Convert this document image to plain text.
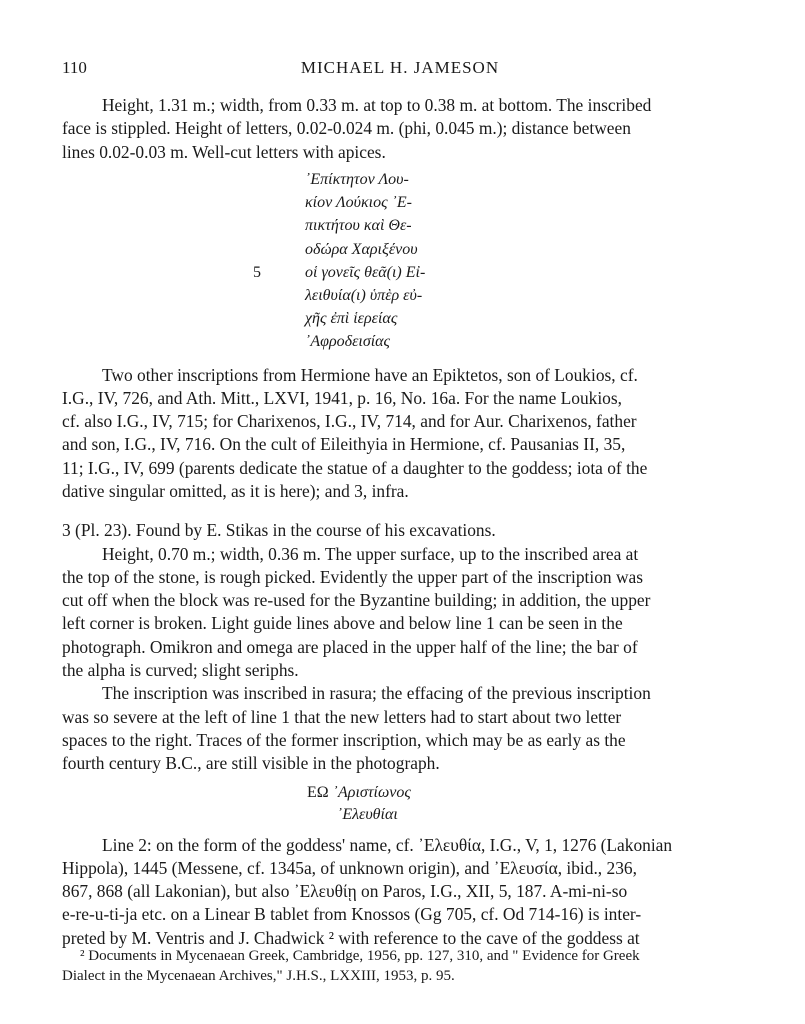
110	MICHAEL H. JAMESON

Height, 1.31 m.; width, from 0.33 m. at top to 0.38 m. at bottom. The inscribed
face is stippled. Height of letters, 0.02-0.024 m. (phi, 0.045 m.); distance between
lines 0.02-0.03 m. Well-cut letters with apices.

᾿Επίκτητον Λου-
κίον Λούκιος ᾿Ε-
πικτήτου καὶ Θε-
οδώρα Χαριξένου
5	οἱ γονεῖς θεᾶ(ι) Εἰ-
λειθυία(ι) ὑπὲρ εὐ-
χῆς ἐπὶ ἱερείας
᾿Αφροδεισίας

Two other inscriptions from Hermione have an Epiktetos, son of Loukios, cf.
I.G., IV, 726, and Ath. Mitt., LXVI, 1941, p. 16, No. 16a. For the name Loukios,
cf. also I.G., IV, 715; for Charixenos, I.G., IV, 714, and for Aur. Charixenos, father
and son, I.G., IV, 716. On the cult of Eileithyia in Hermione, cf. Pausanias II, 35,
11; I.G., IV, 699 (parents dedicate the statue of a daughter to the goddess; iota of the
dative singular omitted, as it is here); and 3, infra.

3 (Pl. 23). Found by E. Stikas in the course of his excavations.

Height, 0.70 m.; width, 0.36 m. The upper surface, up to the inscribed area at
the top of the stone, is rough picked. Evidently the upper part of the inscription was
cut off when the block was re-used for the Byzantine building; in addition, the upper
left corner is broken. Light guide lines above and below line 1 can be seen in the
photograph. Omikron and omega are placed in the upper half of the line; the bar of
the alpha is curved; slight seriphs.

The inscription was inscribed in rasura; the effacing of the previous inscription
was so severe at the left of line 1 that the new letters had to start about two letter
spaces to the right. Traces of the former inscription, which may be as early as the
fourth century B.C., are still visible in the photograph.

ΕΩ ᾿Αριστίωνος
᾿Ελευθίαι

Line 2: on the form of the goddess' name, cf. ᾿Ελευθία, I.G., V, 1, 1276 (Lakonian
Hippola), 1445 (Messene, cf. 1345a, of unknown origin), and ᾿Ελευσία, ibid., 236,
867, 868 (all Lakonian), but also ᾿Ελευθίῃ on Paros, I.G., XII, 5, 187. A-mi-ni-so
e-re-u-ti-ja etc. on a Linear B tablet from Knossos (Gg 705, cf. Od 714-16) is inter-
preted by M. Ventris and J. Chadwick ² with reference to the cave of the goddess at

² Documents in Mycenaean Greek, Cambridge, 1956, pp. 127, 310, and " Evidence for Greek
Dialect in the Mycenaean Archives," J.H.S., LXXIII, 1953, p. 95.
